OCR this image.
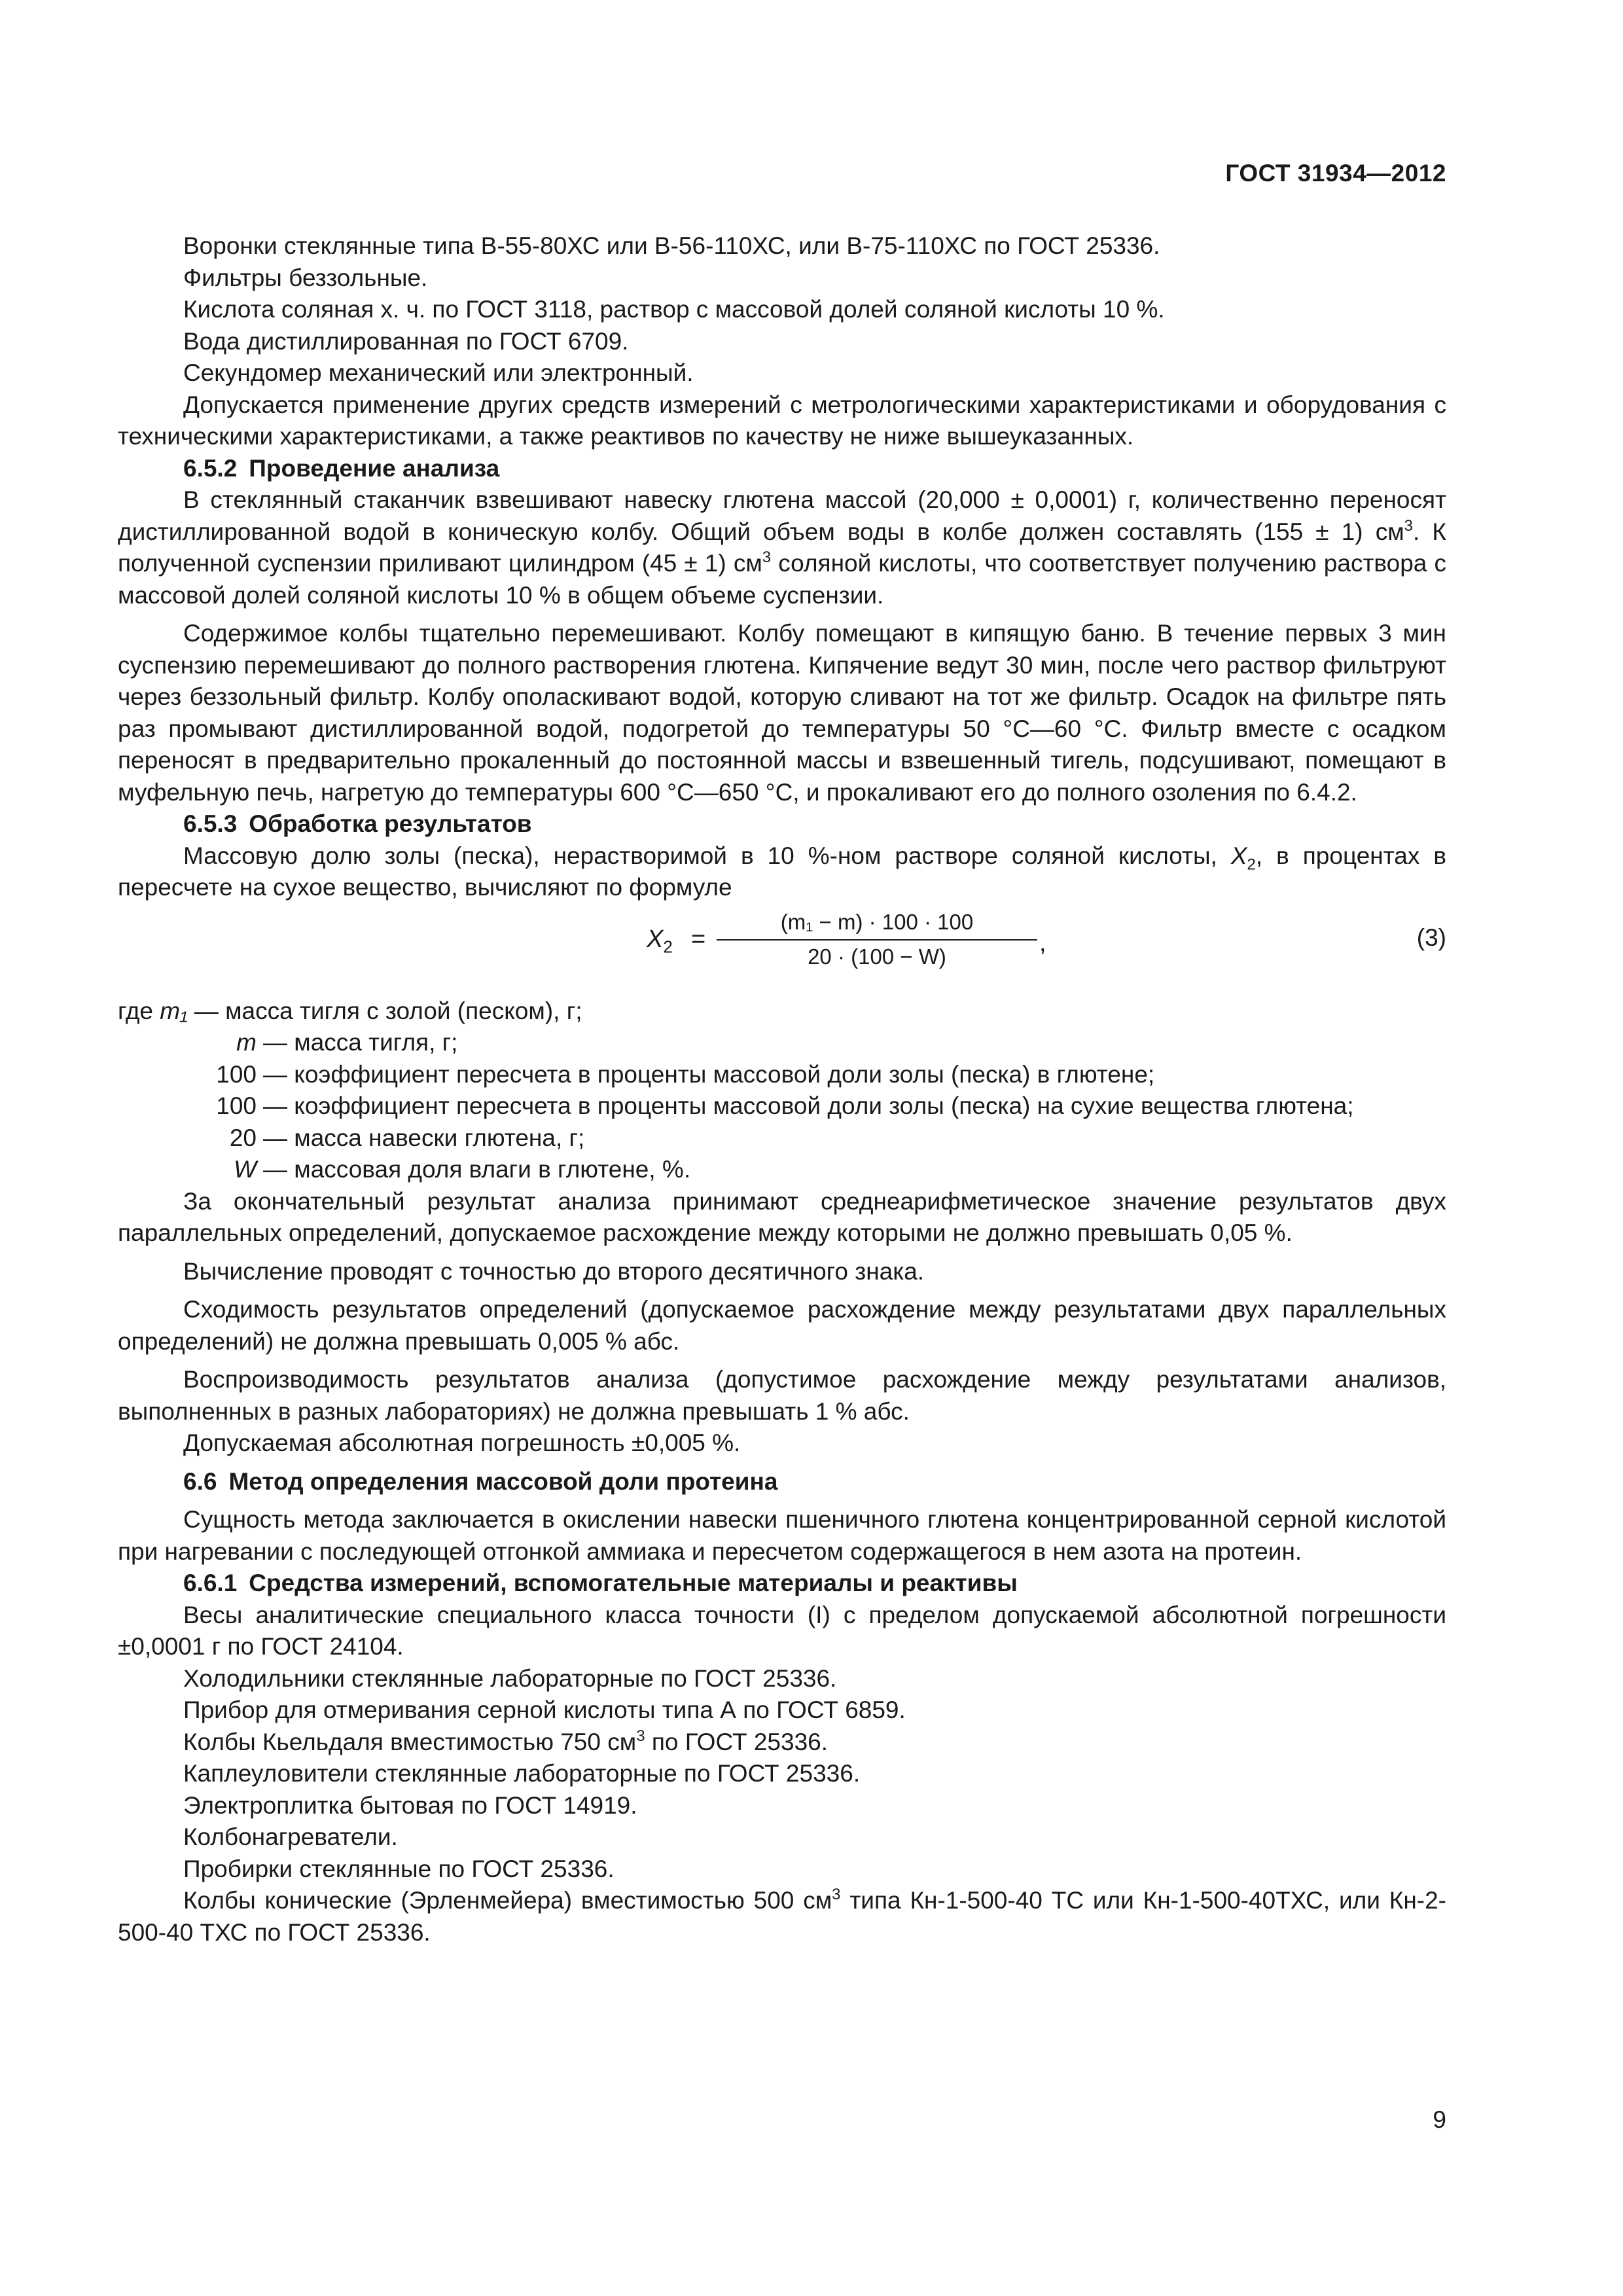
ГОСТ 31934—2012

Воронки стеклянные типа В-55-80ХС или В-56-110ХС, или В-75-110ХС по ГОСТ 25336.

Фильтры беззольные.

Кислота соляная х. ч. по ГОСТ 3118, раствор с массовой долей соляной кислоты 10 %.

Вода дистиллированная по ГОСТ 6709.

Секундомер механический или электронный.

Допускается применение других средств измерений с метрологическими характеристиками и оборудования с техническими характеристиками, а также реактивов по качеству не ниже вышеуказанных.

6.5.2 Проведение анализа

В стеклянный стаканчик взвешивают навеску глютена массой (20,000 ± 0,0001) г, количественно переносят дистиллированной водой в коническую колбу. Общий объем воды в колбе должен составлять (155 ± 1) $см^3$. К полученной суспензии приливают цилиндром (45 ± 1) $см^3$ соляной кислоты, что соответствует получению раствора с массовой долей соляной кислоты 10 % в общем объеме суспензии.

Содержимое колбы тщательно перемешивают. Колбу помещают в кипящую баню. В течение первых 3 мин суспензию перемешивают до полного растворения глютена. Кипячение ведут 30 мин, после чего раствор фильтруют через беззольный фильтр. Колбу ополаскивают водой, которую сливают на тот же фильтр. Осадок на фильтре пять раз промывают дистиллированной водой, подогретой до температуры 50 °С—60 °С. Фильтр вместе с осадком переносят в предварительно прокаленный до постоянной массы и взвешенный тигель, подсушивают, помещают в муфельную печь, нагретую до температуры 600 °С—650 °С, и прокаливают его до полного озоления по 6.4.2.

6.5.3 Обработка результатов

Массовую долю золы (песка), нерастворимой в 10 %-ном растворе соляной кислоты, $X_2$, в процентах в пересчете на сухое вещество, вычисляют по формуле

$X_2 = \frac{\text{(m₁ − m) · 100 · 100}}{20 \cdot (100 - W)}$ ,	(3)
где m₁ — масса тигля с золой (песком), г;
m — масса тигля, г;
100 — коэффициент пересчета в проценты массовой доли золы (песка) в глютене;
100 — коэффициент пересчета в проценты массовой доли золы (песка) на сухие вещества глютена;
20 — масса навески глютена, г;
W — массовая доля влаги в глютене, %.

За окончательный результат анализа принимают среднеарифметическое значение результатов двух параллельных определений, допускаемое расхождение между которыми не должно превышать 0,05 %.

Вычисление проводят с точностью до второго десятичного знака.

Сходимость результатов определений (допускаемое расхождение между результатами двух параллельных определений) не должна превышать 0,005 % абс.

Воспроизводимость результатов анализа (допустимое расхождение между результатами анализов, выполненных в разных лабораториях) не должна превышать 1 % абс.

Допускаемая абсолютная погрешность ±0,005 %.

6.6 Метод определения массовой доли протеина

Сущность метода заключается в окислении навески пшеничного глютена концентрированной серной кислотой при нагревании с последующей отгонкой аммиака и пересчетом содержащегося в нем азота на протеин.

6.6.1 Средства измерений, вспомогательные материалы и реактивы

Весы аналитические специального класса точности (I) с пределом допускаемой абсолютной погрешности ±0,0001 г по ГОСТ 24104.

Холодильники стеклянные лабораторные по ГОСТ 25336.

Прибор для отмеривания серной кислоты типа А по ГОСТ 6859.

Колбы Кьельдаля вместимостью 750 $см^3$ по ГОСТ 25336.

Каплеуловители стеклянные лабораторные по ГОСТ 25336.

Электроплитка бытовая по ГОСТ 14919.

Колбонагреватели.

Пробирки стеклянные по ГОСТ 25336.

Колбы конические (Эрленмейера) вместимостью 500 $см^3$ типа Кн-1-500-40 ТС или Кн-1-500-40ТХС, или Кн-2-500-40 ТХС по ГОСТ 25336.

9
